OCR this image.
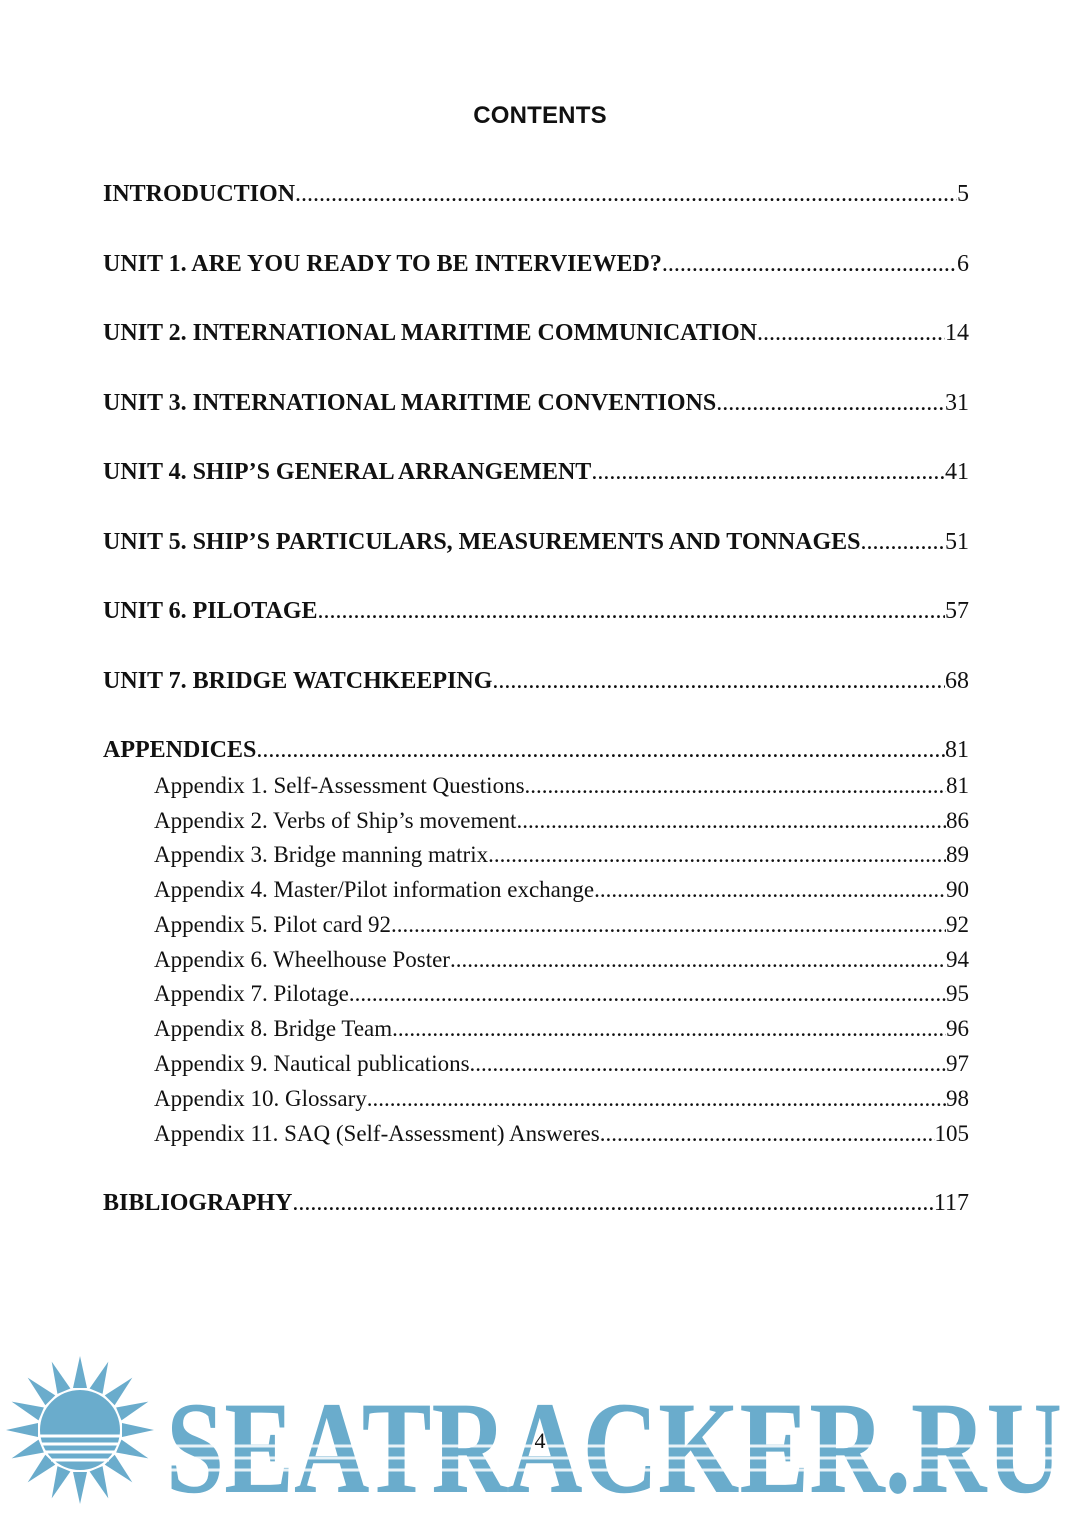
CONTENTS
INTRODUCTION .....	5
UNIT 1. ARE YOU READY TO BE INTERVIEWED? .....	6
UNIT 2. INTERNATIONAL MARITIME COMMUNICATION .....	14
UNIT 3. INTERNATIONAL MARITIME CONVENTIONS .....	31
UNIT 4. SHIP’S GENERAL ARRANGEMENT .....	41
UNIT 5. SHIP’S PARTICULARS, MEASUREMENTS AND TONNAGES .....	51
UNIT 6. PILOTAGE .....	57
UNIT 7. BRIDGE WATCHKEEPING .....	68
APPENDICES .....	81
Appendix 1. Self-Assessment Questions .....	81
Appendix 2. Verbs of Ship’s movement .....	86
Appendix 3. Bridge manning matrix .....	89
Appendix 4. Master/Pilot information exchange .....	90
Appendix 5. Pilot card 92 .....	92
Appendix 6. Wheelhouse Poster .....	94
Appendix 7. Pilotage .....	95
Appendix 8. Bridge Team .....	96
Appendix 9. Nautical publications .....	97
Appendix 10. Glossary .....	98
Appendix 11. SAQ (Self-Assessment) Answeres .....	105
BIBLIOGRAPHY .....	117
SEATRACKER.RU
4
